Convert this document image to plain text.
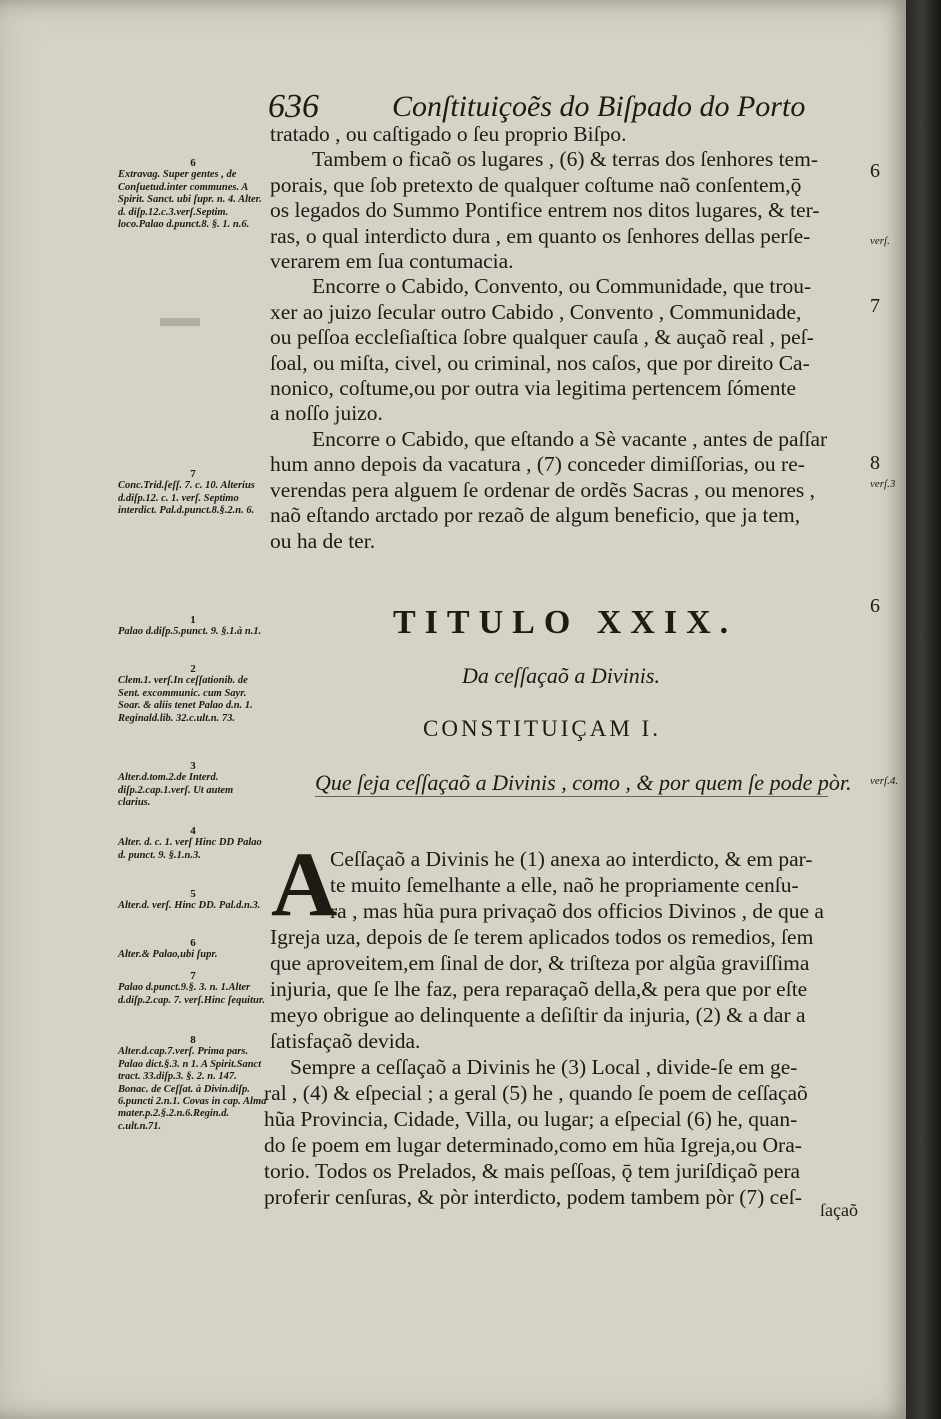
636 Conſtituiçoẽs do Biſpado do Porto
tratado , ou caſtigado o ſeu proprio Biſpo.
Tambem o ficaõ os lugares , (6) & terras dos ſenhores tem-
porais, que ſob pretexto de qualquer coſtume naõ conſentem,ǭ
os legados do Summo Pontifice entrem nos ditos lugares, & ter-
ras, o qual interdicto dura , em quanto os ſenhores dellas perſe-
verarem em ſua contumacia.
Encorre o Cabido, Convento, ou Communidade, que trou-
xer ao juizo ſecular outro Cabido , Convento , Communidade,
ou peſſoa eccleſiaſtica ſobre qualquer cauſa , & auçaõ real , peſ-
ſoal, ou miſta, civel, ou criminal, nos caſos, que por direito Ca-
nonico, coſtume,ou por outra via legitima pertencem ſómente
a noſſo juizo.
Encorre o Cabido, que eſtando a Sè vacante , antes de paſſar
hum anno depois da vacatura , (7) conceder dimiſſorias, ou re-
verendas pera alguem ſe ordenar de ordẽs Sacras , ou menores ,
naõ eſtando arctado por rezaõ de algum beneficio, que ja tem,
ou ha de ter.
TITULO XXIX.
Da ceſſaçaõ a Divinis.
CONSTITUIÇAM I.
Que ſeja ceſſaçaõ a Divinis , como , & por quem ſe pode pòr.
A
Ceſſaçaõ a Divinis he (1) anexa ao interdicto, & em par-
te muito ſemelhante a elle, naõ he propriamente cenſu-
ra , mas hũa pura privaçaõ dos officios Divinos , de que a
Igreja uza, depois de ſe terem aplicados todos os remedios, ſem
que aproveitem,em ſinal de dor, & triſteza por algũa graviſſima
injuria, que ſe lhe faz, pera reparaçaõ della,& pera que por eſte
meyo obrigue ao delinquente a deſiſtir da injuria, (2) & a dar a
ſatisfaçaõ devida.
Sempre a ceſſaçaõ a Divinis he (3) Local , divide-ſe em ge-
ral , (4) & eſpecial ; a geral (5) he , quando ſe poem de ceſſaçaõ
hũa Provincia, Cidade, Villa, ou lugar; a eſpecial (6) he, quan-
do ſe poem em lugar determinado,como em hũa Igreja,ou Ora-
torio. Todos os Prelados, & mais peſſoas, ǭ tem juriſdiçaõ pera
proferir cenſuras, & pòr interdicto, podem tambem pòr (7) ceſ-
ſaçaõ
6
Extravag. Super gentes , de Conſuetud.inter communes. A Spirit. Sanct. ubi ſupr. n. 4. Alter. d. diſp.12.c.3.verſ.Septim. loco.Palao d.punct.8. §. 1. n.6.
7
Conc.Trid.ſeſſ. 7. c. 10. Alterius d.diſp.12. c. 1. verſ. Septimo interdict. Pal.d.punct.8.§.2.n. 6.
1
Palao d.diſp.5.punct. 9. §.1.à n.1.
2
Clem.1. verſ.In ceſſationib. de Sent. excommunic. cum Sayr. Soar. & aliis tenet Palao d.n. 1. Reginald.lib. 32.c.ult.n. 73.
3
Alter.d.tom.2.de Interd. diſp.2.cap.1.verſ. Ut autem clarius.
4
Alter. d. c. 1. verſ Hinc DD Palao d. punct. 9. §.1.n.3.
5
Alter.d. verſ. Hinc DD. Pal.d.n.3.
6
Alter.& Palao,ubi ſupr.
7
Palao d.punct.9.§. 3. n. 1.Alter d.diſp.2.cap. 7. verſ.Hinc ſequitur.
8
Alter.d.cap.7.verſ. Prima pars. Palao dict.§.3. n 1. A Spirit.Sanct tract. 33.diſp.3. §. 2. n. 147. Bonac. de Ceſſat. à Divin.diſp. 6.puncti 2.n.1. Covas in cap. Alma mater.p.2.§.2.n.6.Regin.d. c.ult.n.71.
6
verſ.
7
8
verſ.3
verſ.4.
6
